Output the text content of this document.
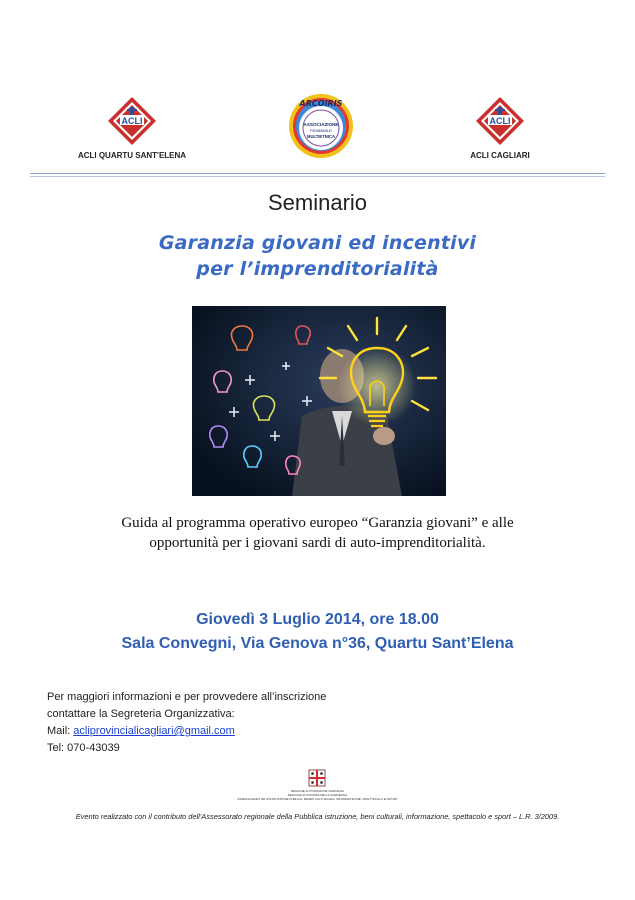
ACLI
ACLI QUARTU SANT'ELENA
ARCOIRIS
ASSOCIAZIONE
FEMMINILE
MULTIETNICA
ACLI
ACLI CAGLIARI
Seminario
Garanzia giovani ed incentivi
per l’imprenditorialità
Guida al programma operativo europeo “Garanzia giovani” e alle
opportunità per i giovani sardi di auto-imprenditorialità.
Giovedì 3 Luglio 2014, ore 18.00
Sala Convegni, Via Genova n°36, Quartu Sant’Elena
Per maggiori informazioni e per provvedere all’inscrizione
contattare la Segreteria Organizzativa:
Mail: acliprovincialicagliari@gmail.com
Tel: 070-43039
REGIONE AUTONOMA DE SARDIGNA
REGIONE AUTONOMA DELLA SARDEGNA
ASSESSORADU DE S'ISTRUTZIONE PUBLICA, BENES CULTURALES, INFORMATZIONE, ISPETTACULU E ISPORT
Evento realizzato con il contributo dell’Assessorato regionale della Pubblica istruzione, beni culturali, informazione, spettacolo e sport – L.R. 3/2009.
